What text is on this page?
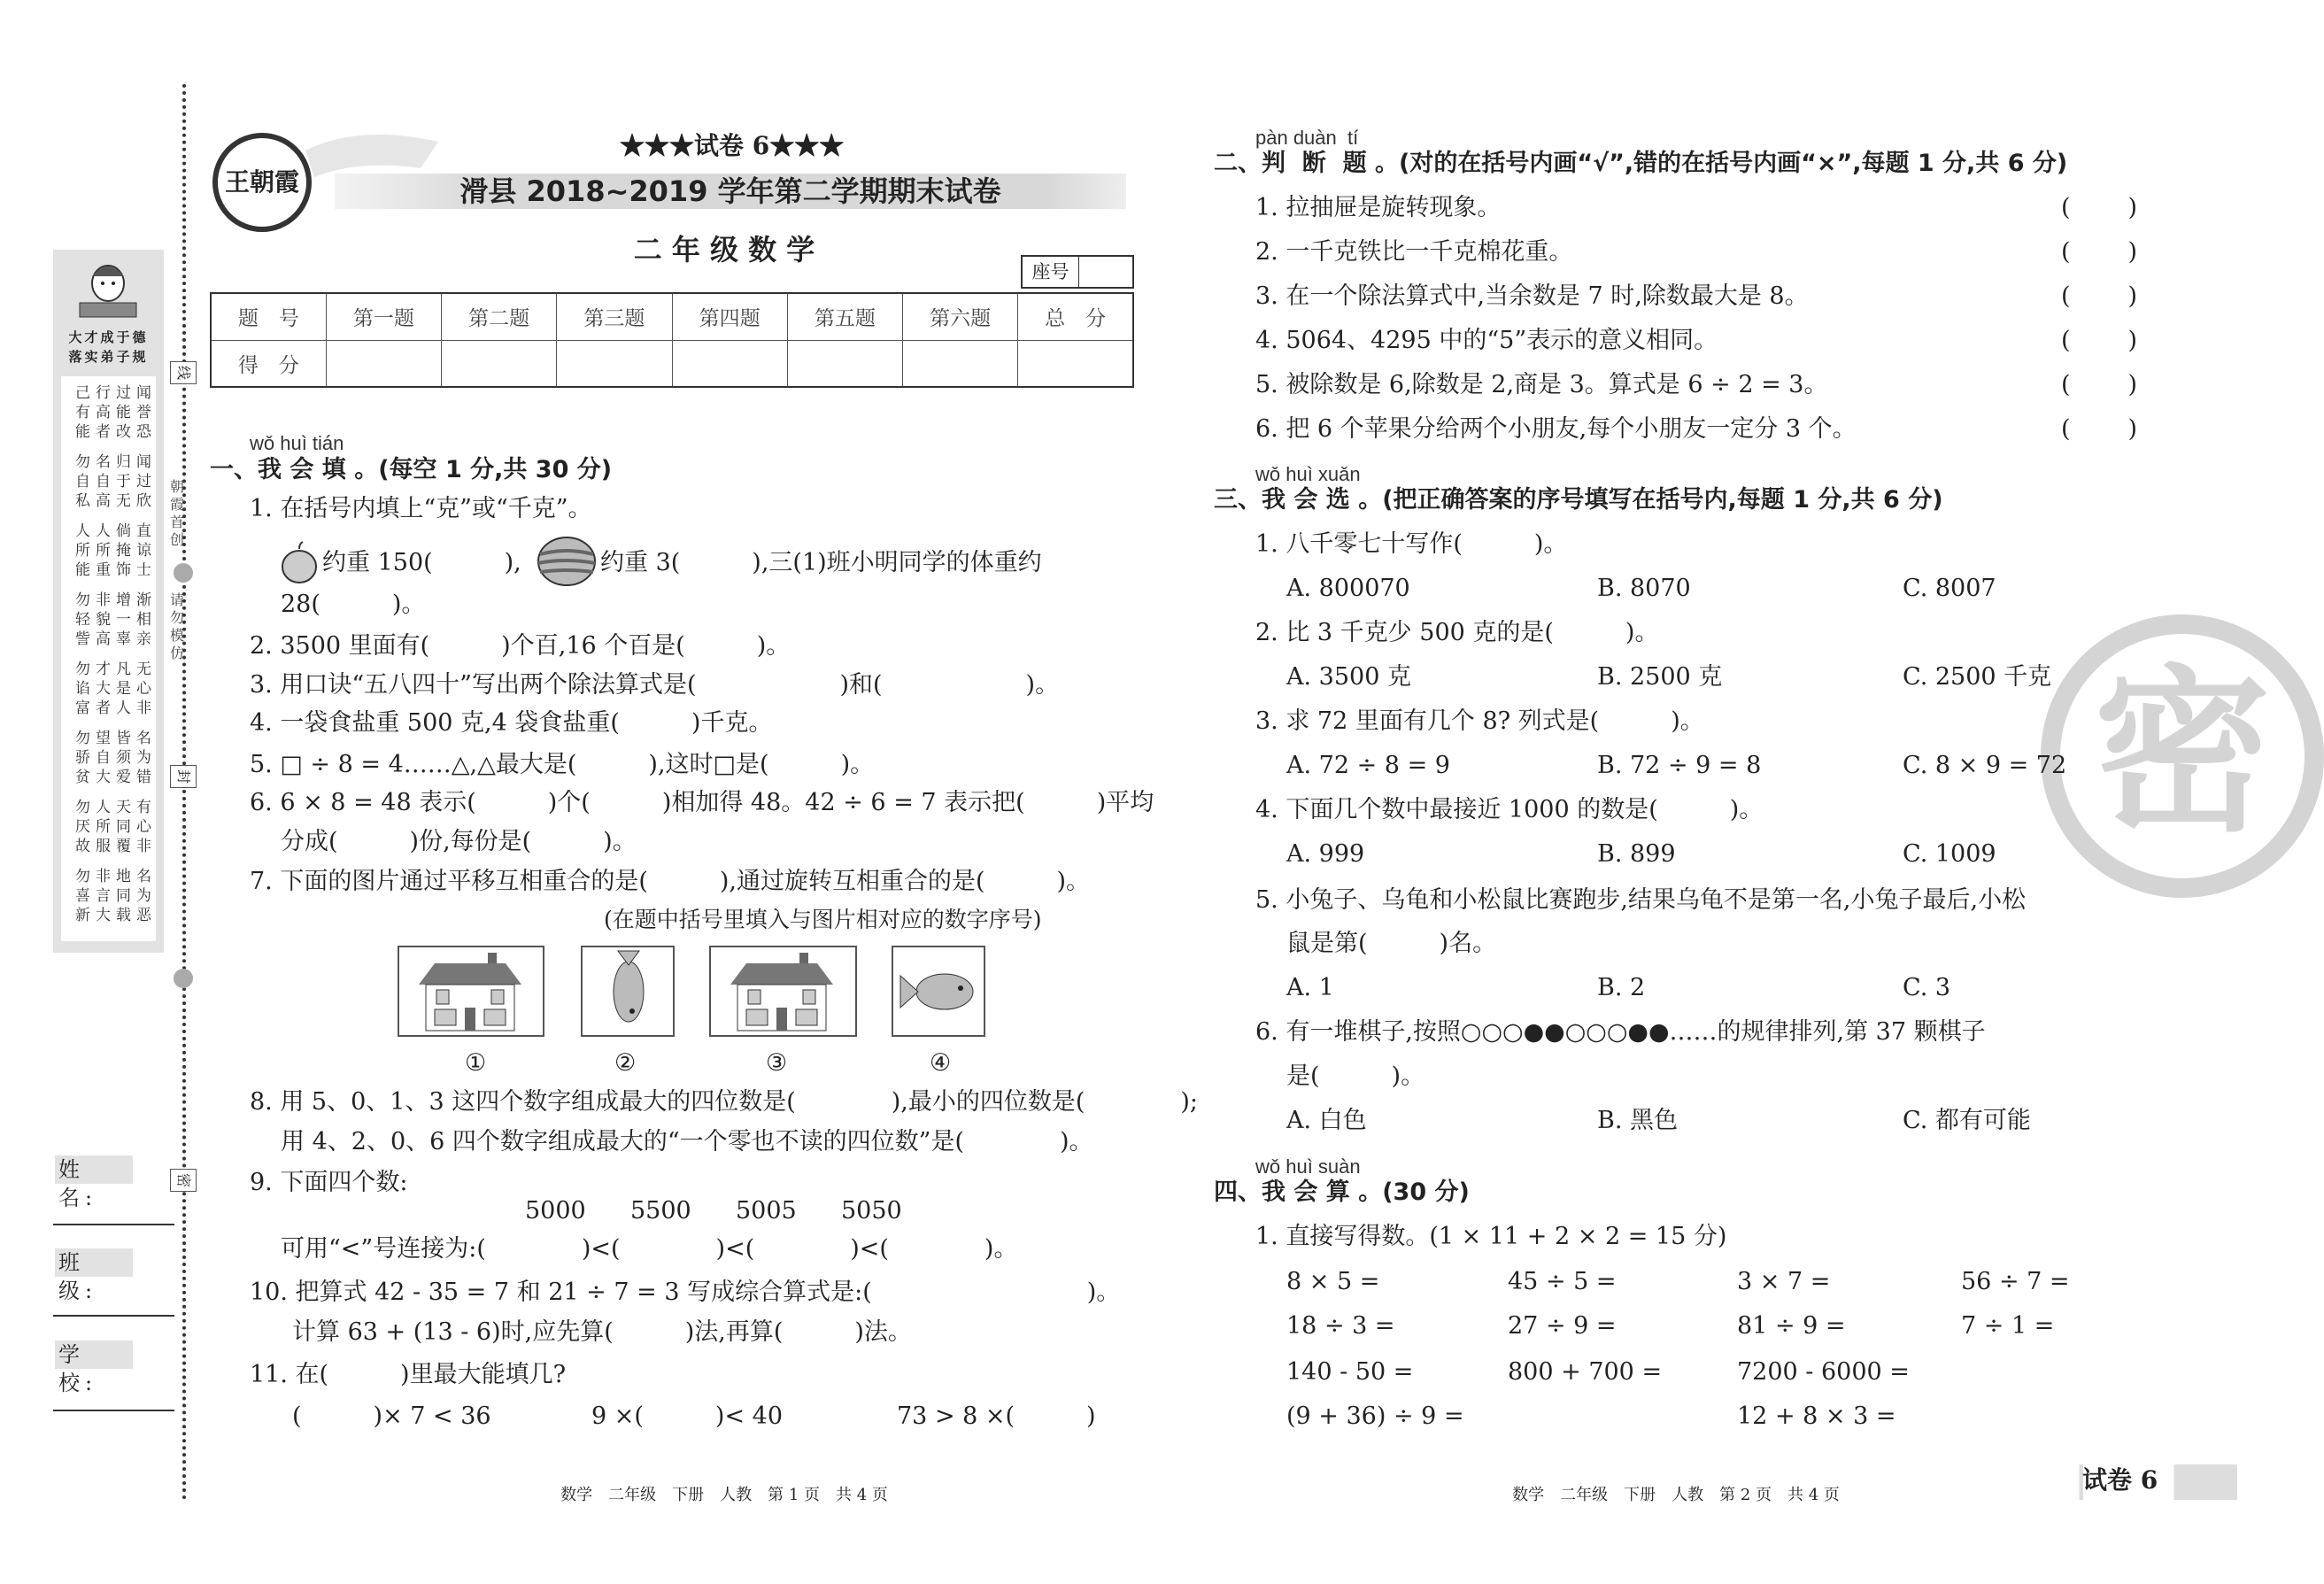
线
封
密
朝霞首创
请勿模仿
大才成于德
落实弟子规
己行过闻
有高能誉
能者改恐
勿名归闻
自自于过
私高无欣
人人倘直
所所掩谅
能重饰士
勿非增渐
轻貌一相
訾高辜亲
勿才凡无
谄大是心
富者人非
勿望皆名
骄自须为
贫大爱错
勿人天有
厌所同心
故服覆非
勿非地名
喜言同为
新大载恶
姓　名:
班　级:
学　校:
王朝霞
★★★试卷 6★★★
滑县 2018~2019 学年第二学期期末试卷
二 年 级 数 学
座号
题　号	第一题	第二题	第三题	第四题	第五题	第六题	总　分
得　分							
wǒ huì tián
一、我 会 填 。(每空 1 分,共 30 分)
1. 在括号内填上“克”或“千克”。
约重 150(　　　),	约重 3(　　　),三(1)班小明同学的体重约
28(　　　)。
2. 3500 里面有(　　　)个百,16 个百是(　　　)。
3. 用口诀“五八四十”写出两个除法算式是(　　　　　　)和(　　　　　　)。
4. 一袋食盐重 500 克,4 袋食盐重(　　　)千克。
5. □ ÷ 8 = 4……△,△最大是(　　　),这时□是(　　　)。
6. 6 × 8 = 48 表示(　　　)个(　　　)相加得 48。42 ÷ 6 = 7 表示把(　　　)平均
分成(　　　)份,每份是(　　　)。
7. 下面的图片通过平移互相重合的是(　　　),通过旋转互相重合的是(　　　)。
(在题中括号里填入与图片相对应的数字序号)
①	②	③	④
8. 用 5、0、1、3 这四个数字组成最大的四位数是(　　　　),最小的四位数是(　　　　);
用 4、2、0、6 四个数字组成最大的“一个零也不读的四位数”是(　　　　)。
9. 下面四个数:
5000 5500 5005 5050
可用“<”号连接为:(　　　　)<(　　　　)<(　　　　)<(　　　　)。
10. 把算式 42 - 35 = 7 和 21 ÷ 7 = 3 写成综合算式是:(　　　　　　　　　)。
计算 63 + (13 - 6)时,应先算(　　　)法,再算(　　　)法。
11. 在(　　　)里最大能填几?
(　　　)× 7 < 36	9 ×(　　　)< 40	73 > 8 ×(　　　)
数学　二年级　下册　人教　第 1 页　共 4 页
密
pàn duàn  tí
二、判  断  题 。(对的在括号内画“√”,错的在括号内画“×”,每题 1 分,共 6 分)
1. 拉抽屉是旋转现象。	( )
2. 一千克铁比一千克棉花重。	( )
3. 在一个除法算式中,当余数是 7 时,除数最大是 8。	( )
4. 5064、4295 中的“5”表示的意义相同。	( )
5. 被除数是 6,除数是 2,商是 3。算式是 6 ÷ 2 = 3。	( )
6. 把 6 个苹果分给两个小朋友,每个小朋友一定分 3 个。	( )
wǒ huì xuǎn
三、我 会 选 。(把正确答案的序号填写在括号内,每题 1 分,共 6 分)
1. 八千零七十写作(　　　)。
A. 800070	B. 8070	C. 8007
2. 比 3 千克少 500 克的是(　　　)。
A. 3500 克	B. 2500 克	C. 2500 千克
3. 求 72 里面有几个 8? 列式是(　　　)。
A. 72 ÷ 8 = 9	B. 72 ÷ 9 = 8	C. 8 × 9 = 72
4. 下面几个数中最接近 1000 的数是(　　　)。
A. 999	B. 899	C. 1009
5. 小兔子、乌龟和小松鼠比赛跑步,结果乌龟不是第一名,小兔子最后,小松
鼠是第(　　　)名。
A. 1	B. 2	C. 3
6. 有一堆棋子,按照○○○●●○○○●●……的规律排列,第 37 颗棋子
是(　　　)。
A. 白色	B. 黑色	C. 都有可能
wǒ huì suàn
四、我 会 算 。(30 分)
1. 直接写得数。(1 × 11 + 2 × 2 = 15 分)
8 × 5 =	45 ÷ 5 =	3 × 7 =	56 ÷ 7 =
18 ÷ 3 =	27 ÷ 9 =	81 ÷ 9 =	7 ÷ 1 =
140 - 50 =	800 + 700 =	7200 - 6000 =
(9 + 36) ÷ 9 =	12 + 8 × 3 =
数学　二年级　下册　人教　第 2 页　共 4 页
试卷 6
